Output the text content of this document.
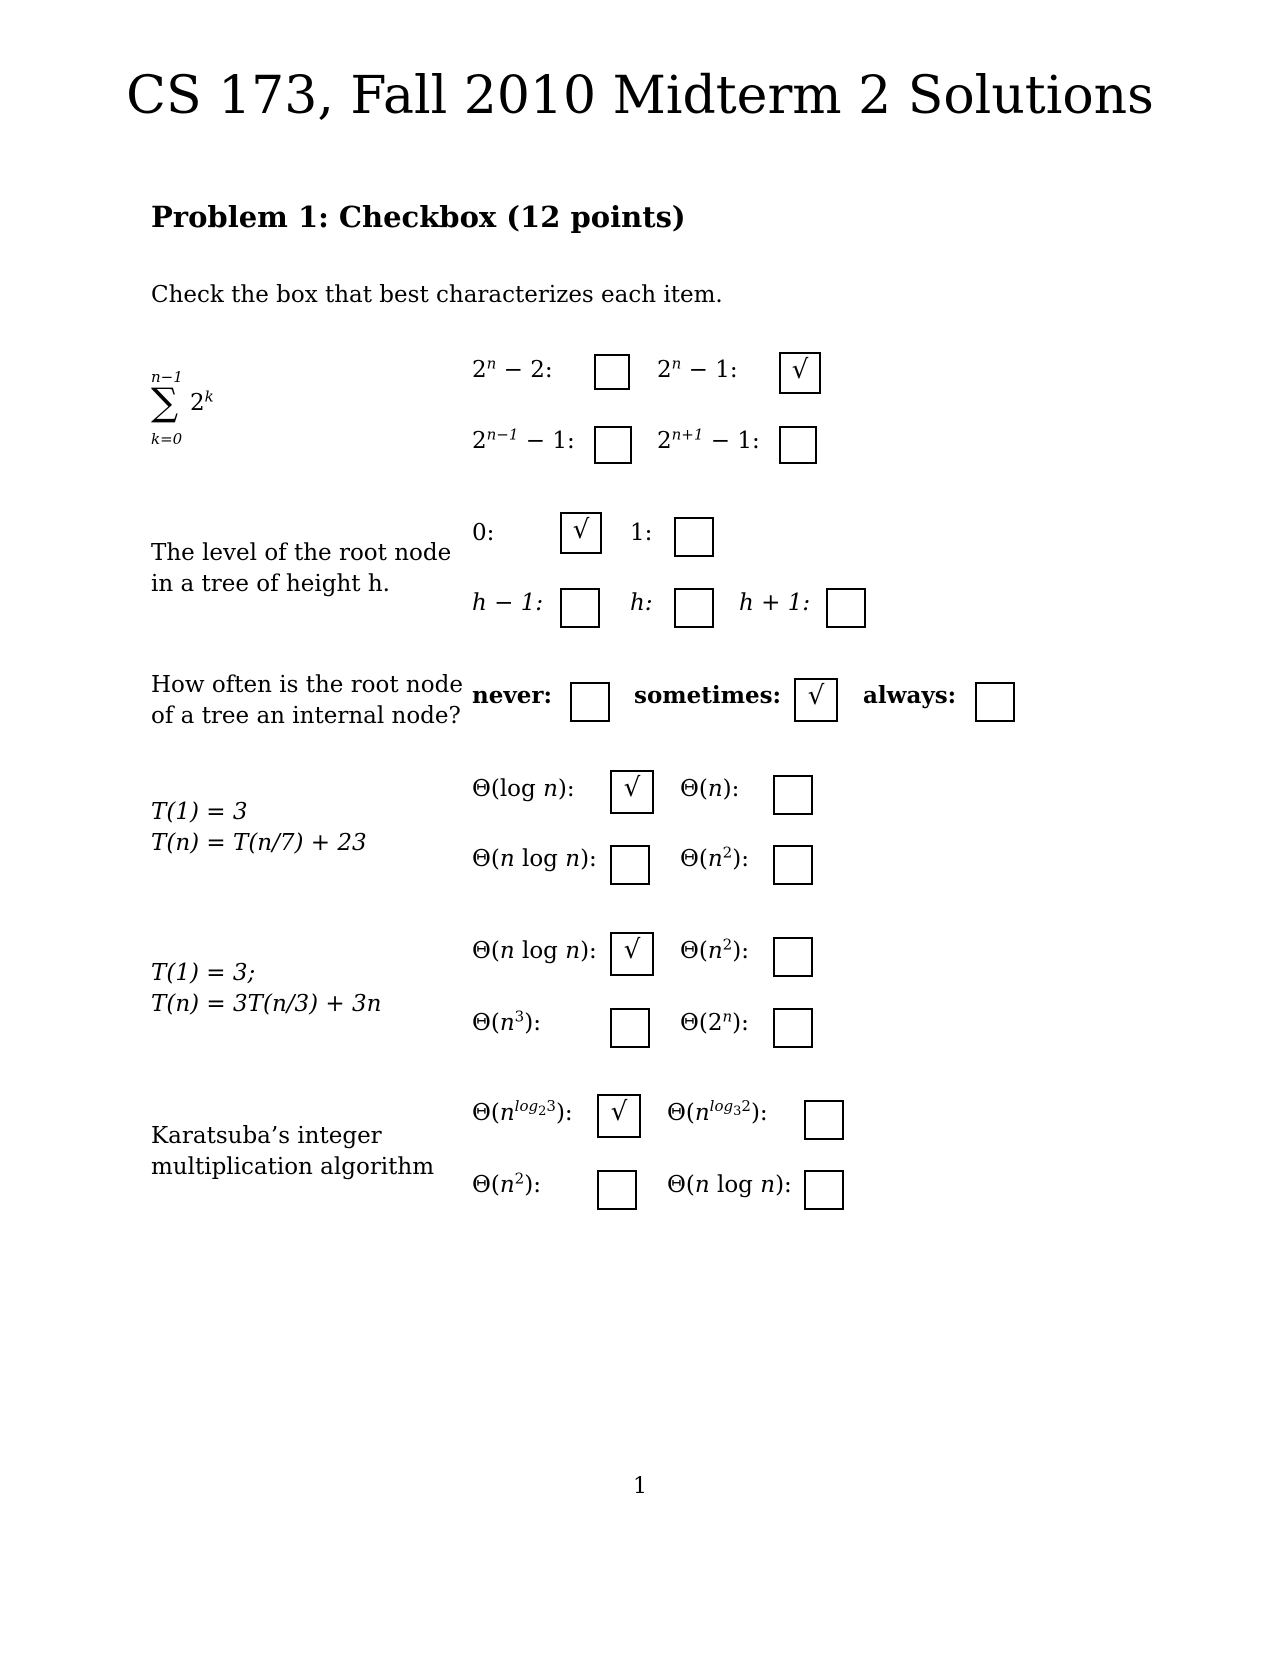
CS 173, Fall 2010 Midterm 2 Solutions
Problem 1: Checkbox (12 points)
Check the box that best characterizes each item.
∑
n−1
k=0
2$^k$
$2^n - 2$:	$2^n - 1$:	√
$2^{n-1} - 1$:	$2^{n+1} - 1$:
The level of the root node
in a tree of height h.
0:	√	1:
h − 1:	h:	h + 1:
How often is the root node
of a tree an internal node?
never:	sometimes:	√	always:
T(1) = 3
T(n) = T(n/7) + 23
Θ(log n):	√	Θ(n):
Θ(n log n):	$\Theta(n^2)$:
T(1) = 3;
T(n) = 3T(n/3) + 3n
Θ(n log n):	√	$\Theta(n^2)$:
$\Theta(n^3)$:	Θ(2$^n$):
Karatsuba’s integer
multiplication algorithm
$\Theta(n^{log_23})$:	√	$\Theta(n^{log_32})$:
$\Theta(n^2)$:	Θ(n log n):
1
